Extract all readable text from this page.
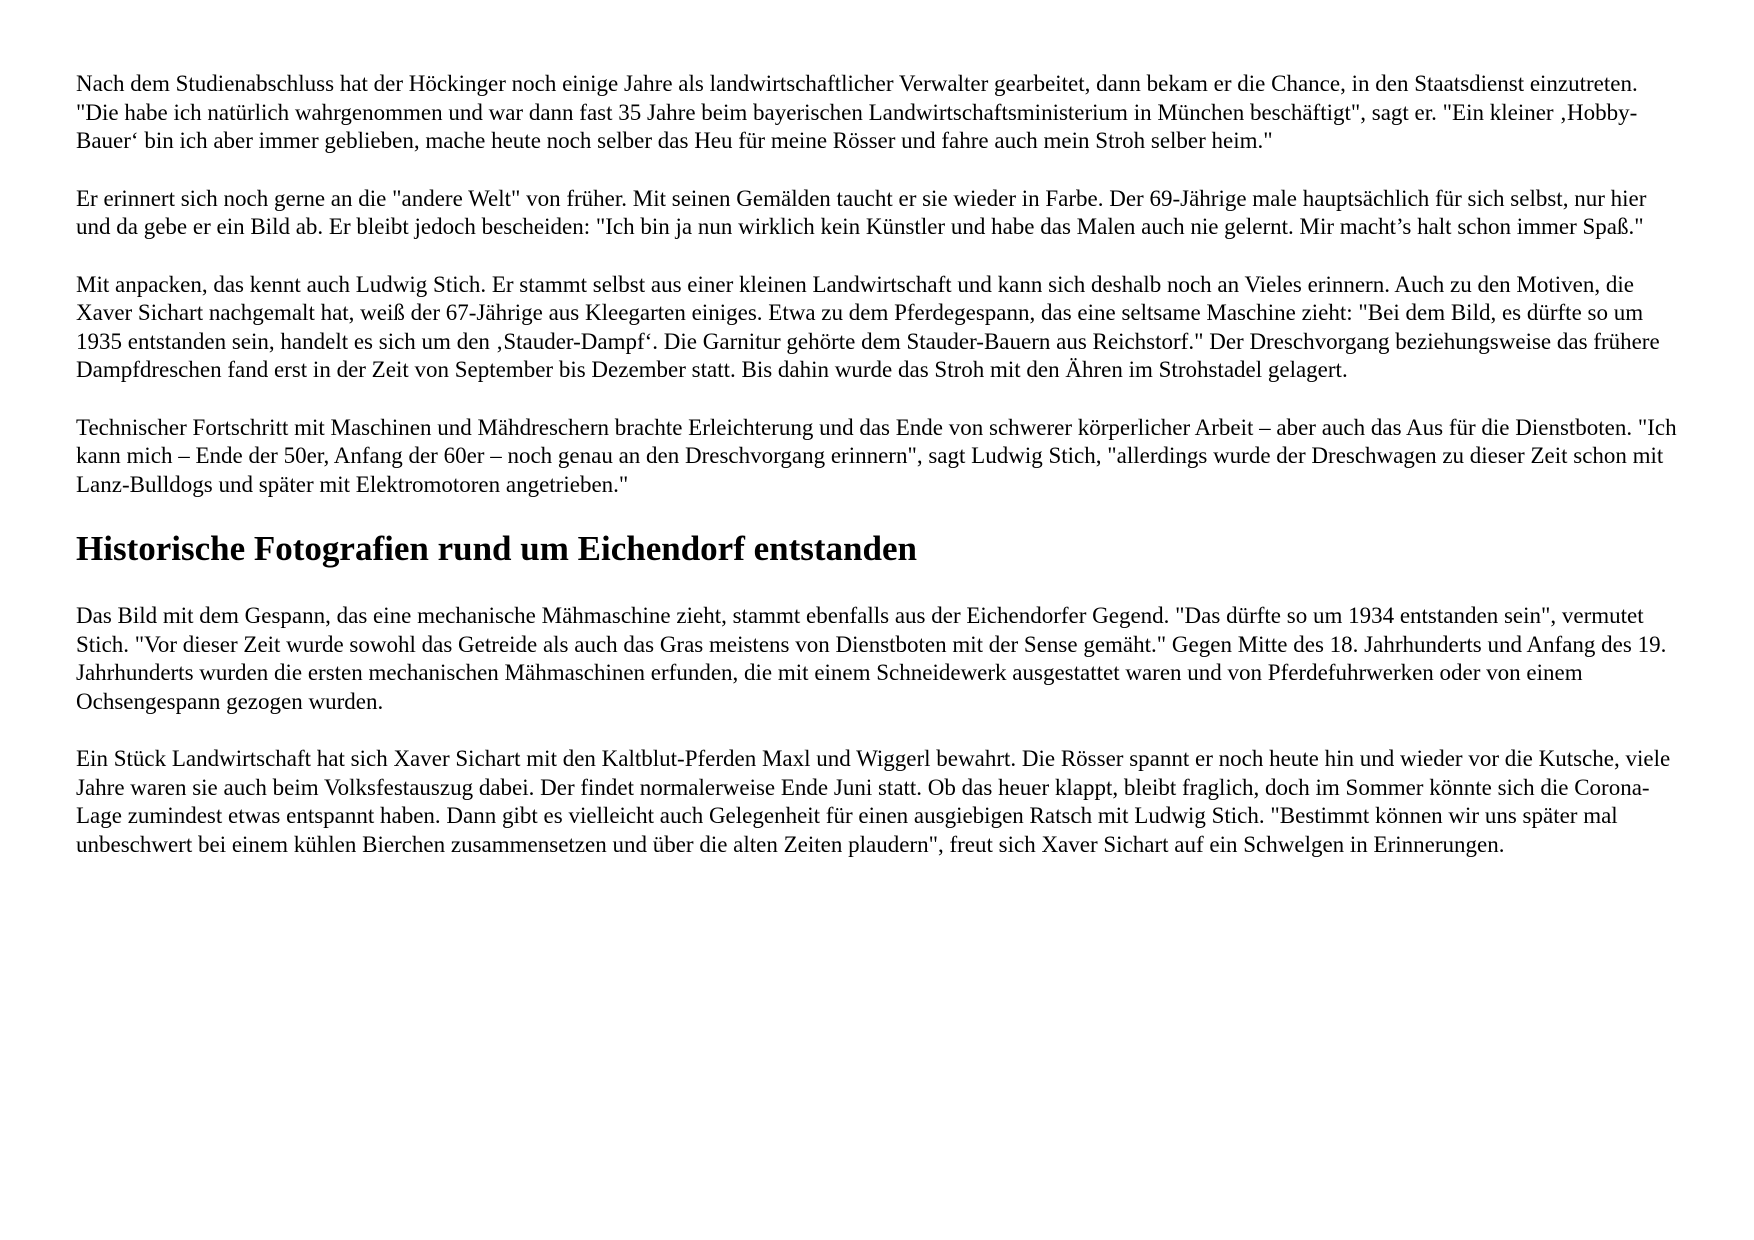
Nach dem Studienabschluss hat der Höckinger noch einige Jahre als landwirtschaftlicher Verwalter gearbeitet, dann bekam er die Chance, in den Staatsdienst einzutreten. "Die habe ich natürlich wahrgenommen und war dann fast 35 Jahre beim bayerischen Landwirtschaftsministerium in München beschäftigt", sagt er. "Ein kleiner ‚Hobby-Bauer‘ bin ich aber immer geblieben, mache heute noch selber das Heu für meine Rösser und fahre auch mein Stroh selber heim."

Er erinnert sich noch gerne an die "andere Welt" von früher. Mit seinen Gemälden taucht er sie wieder in Farbe. Der 69-Jährige male hauptsächlich für sich selbst, nur hier und da gebe er ein Bild ab. Er bleibt jedoch bescheiden: "Ich bin ja nun wirklich kein Künstler und habe das Malen auch nie gelernt. Mir macht’s halt schon immer Spaß."

Mit anpacken, das kennt auch Ludwig Stich. Er stammt selbst aus einer kleinen Landwirtschaft und kann sich deshalb noch an Vieles erinnern. Auch zu den Motiven, die Xaver Sichart nachgemalt hat, weiß der 67-Jährige aus Kleegarten einiges. Etwa zu dem Pferdegespann, das eine seltsame Maschine zieht: "Bei dem Bild, es dürfte so um 1935 entstanden sein, handelt es sich um den ‚Stauder-Dampf‘. Die Garnitur gehörte dem Stauder-Bauern aus Reichstorf." Der Dreschvorgang beziehungsweise das frühere Dampfdreschen fand erst in der Zeit von September bis Dezember statt. Bis dahin wurde das Stroh mit den Ähren im Strohstadel gelagert.

Technischer Fortschritt mit Maschinen und Mähdreschern brachte Erleichterung und das Ende von schwerer körperlicher Arbeit – aber auch das Aus für die Dienstboten. "Ich kann mich – Ende der 50er, Anfang der 60er – noch genau an den Dreschvorgang erinnern", sagt Ludwig Stich, "allerdings wurde der Dreschwagen zu dieser Zeit schon mit Lanz-Bulldogs und später mit Elektromotoren angetrieben."

Historische Fotografien rund um Eichendorf entstanden

Das Bild mit dem Gespann, das eine mechanische Mähmaschine zieht, stammt ebenfalls aus der Eichendorfer Gegend. "Das dürfte so um 1934 entstanden sein", vermutet Stich. "Vor dieser Zeit wurde sowohl das Getreide als auch das Gras meistens von Dienstboten mit der Sense gemäht." Gegen Mitte des 18. Jahrhunderts und Anfang des 19. Jahrhunderts wurden die ersten mechanischen Mähmaschinen erfunden, die mit einem Schneidewerk ausgestattet waren und von Pferdefuhrwerken oder von einem Ochsengespann gezogen wurden.

Ein Stück Landwirtschaft hat sich Xaver Sichart mit den Kaltblut-Pferden Maxl und Wiggerl bewahrt. Die Rösser spannt er noch heute hin und wieder vor die Kutsche, viele Jahre waren sie auch beim Volksfestauszug dabei. Der findet normalerweise Ende Juni statt. Ob das heuer klappt, bleibt fraglich, doch im Sommer könnte sich die Corona-Lage zumindest etwas entspannt haben. Dann gibt es vielleicht auch Gelegenheit für einen ausgiebigen Ratsch mit Ludwig Stich. "Bestimmt können wir uns später mal unbeschwert bei einem kühlen Bierchen zusammensetzen und über die alten Zeiten plaudern", freut sich Xaver Sichart auf ein Schwelgen in Erinnerungen.
